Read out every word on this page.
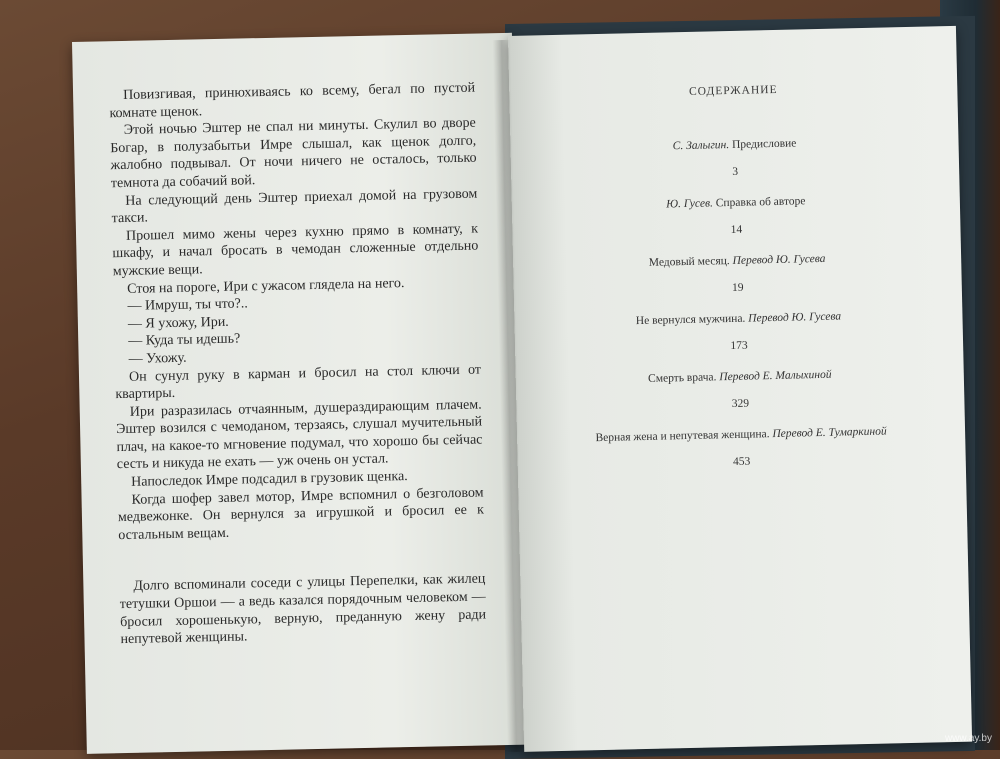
Повизгивая, принюхиваясь ко всему, бегал по пустой комнате щенок.

Этой ночью Эштер не спал ни минуты. Скулил во дворе Богар, в полузабытьи Имре слышал, как щенок долго, жалобно подвывал. От ночи ничего не осталось, только темнота да собачий вой.

На следующий день Эштер приехал домой на грузовом такси.

Прошел мимо жены через кухню прямо в комнату, к шкафу, и начал бросать в чемодан сложенные отдельно мужские вещи.

Стоя на пороге, Ири с ужасом глядела на него.

— Имруш, ты что?..

— Я ухожу, Ири.

— Куда ты идешь?

— Ухожу.

Он сунул руку в карман и бросил на стол ключи от квартиры.

Ири разразилась отчаянным, душераздирающим плачем. Эштер возился с чемоданом, терзаясь, слушал мучительный плач, на какое-то мгновение подумал, что хорошо бы сейчас сесть и никуда не ехать — уж очень он устал.

Напоследок Имре подсадил в грузовик щенка.

Когда шофер завел мотор, Имре вспомнил о безголовом медвежонке. Он вернулся за игрушкой и бросил ее к остальным вещам.

Долго вспоминали соседи с улицы Перепелки, как жилец тетушки Оршои — а ведь казался порядочным человеком — бросил хорошенькую, верную, преданную жену ради непутевой женщины.

СОДЕРЖАНИЕ
С. Залыгин. Предисловие
3
Ю. Гусев. Справка об авторе
14
Медовый месяц. Перевод Ю. Гусева
19
Не вернулся мужчина. Перевод Ю. Гусева
173
Смерть врача. Перевод Е. Малыхиной
329
Верная жена и непутевая женщина. Перевод Е. Тумаркиной
453
www.ay.by
